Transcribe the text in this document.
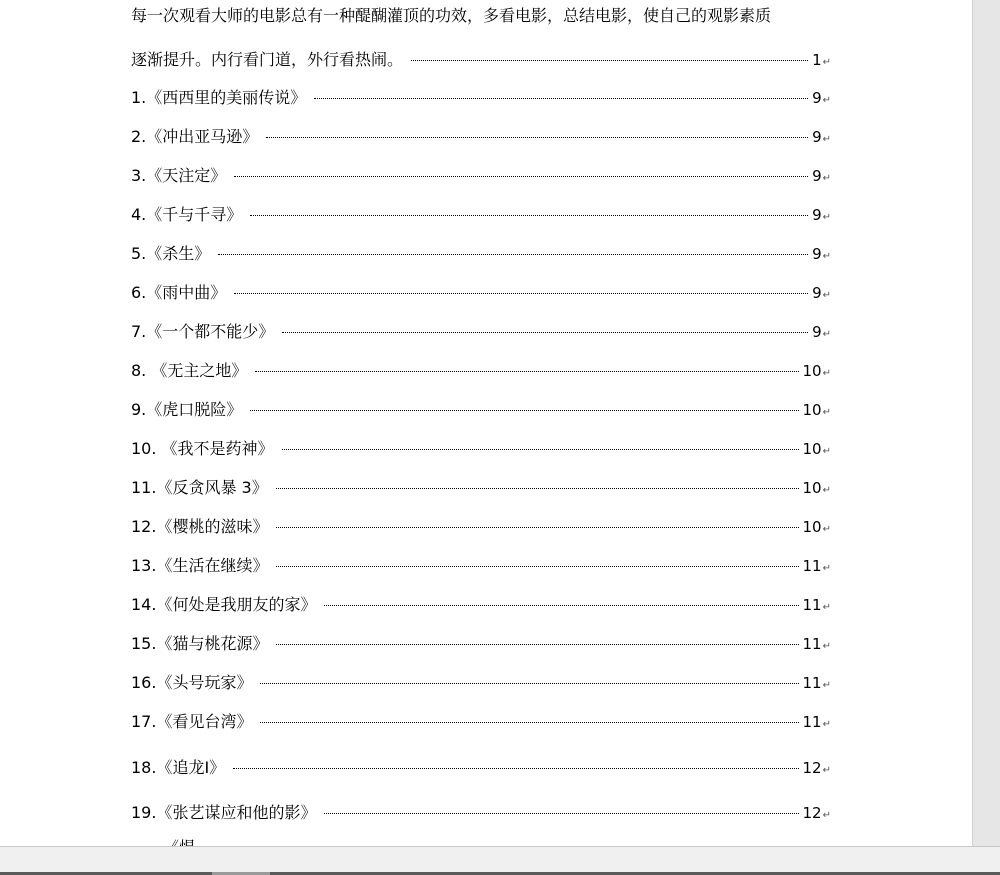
每一次观看大师的电影总有一种醍醐灌顶的功效，多看电影，总结电影，使自己的观影素质
逐渐提升。内行看门道，外行看热闹。	1 ↵
1.《西西里的美丽传说》	9 ↵
2.《冲出亚马逊》	9 ↵
3.《天注定》	9 ↵
4.《千与千寻》	9 ↵
5.《杀生》	9 ↵
6.《雨中曲》	9 ↵
7.《一个都不能少》	9 ↵
8. 《无主之地》	10 ↵
9.《虎口脱险》	10 ↵
10. 《我不是药神》	10 ↵
11.《反贪风暴 3》	10 ↵
12.《樱桃的滋味》	10 ↵
13.《生活在继续》	11 ↵
14.《何处是我朋友的家》	11 ↵
15.《猫与桃花源》	11 ↵
16.《头号玩家》	11 ↵
17.《看见台湾》	11 ↵
18.《追龙Ⅰ》	12 ↵
19.《张艺谋应和他的影》	12 ↵
